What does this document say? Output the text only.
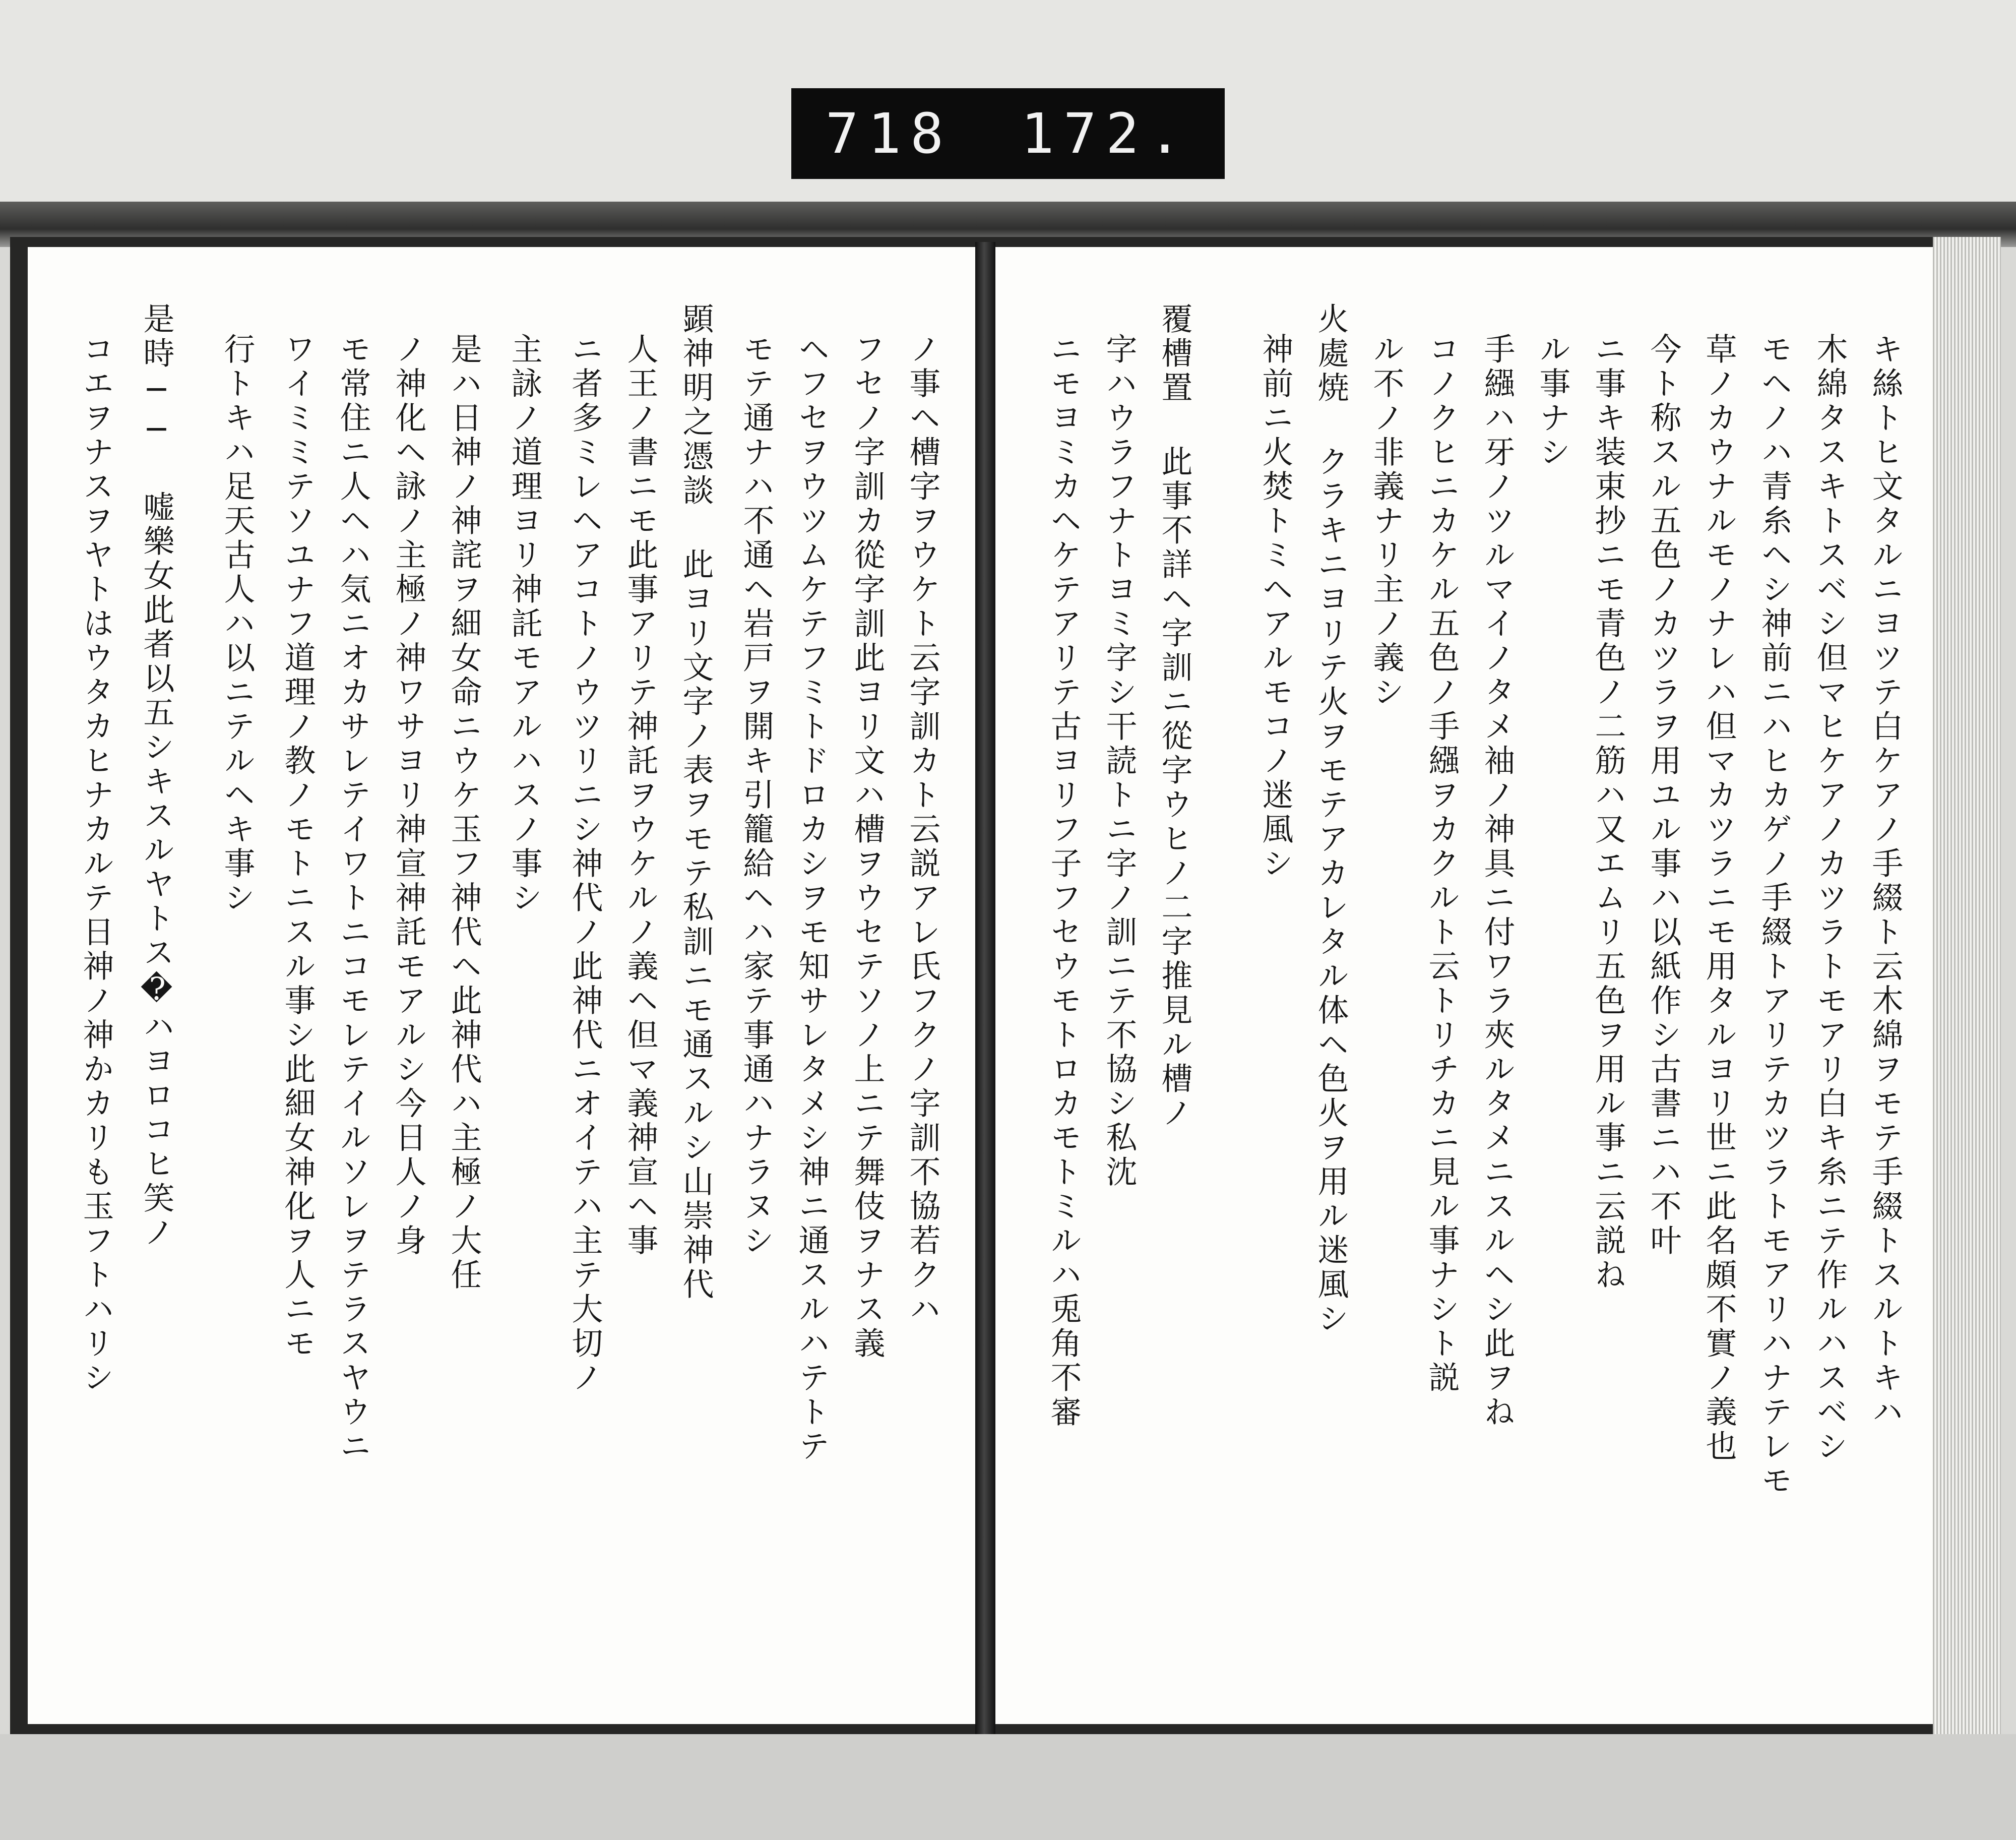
718 172.
キ絲トヒ文タルニヨツテ白ケアノ手綴ト云木綿ヲモテ手綴トスルトキハ
木綿タスキトスベシ但マヒケアノカツラトモアリ白キ糸ニテ作ルハスベシ
モヘノハ青糸ヘシ神前ニハヒカゲノ手綴トアリテカツラトモアリハナテレモ
草ノカウナルモノナレハ但マカツラニモ用タルヨリ世ニ此名頗不實ノ義也
今ト称スル五色ノカツラヲ用ユル事ハ以紙作シ古書ニハ不叶
ニ事キ装束抄ニモ青色ノ二筋ハ又エムリ五色ヲ用ル事ニ云説ね
ル事ナシ
手繦ハ牙ノツルマイノタメ袖ノ神具ニ付ワラ夾ルタメニスルヘシ此ヲね
コノクヒニカケル五色ノ手繦ヲカクルト云トリチカニ見ル事ナシト説
ル不ノ非義ナリ主ノ義シ
火處焼 クラキニヨリテ火ヲモテアカレタル体ヘ色火ヲ用ル迷風シ
神前ニ火焚トミヘアルモコノ迷風シ
覆槽置 此事不詳ヘ字訓ニ從字ウヒノ二字推見ル槽ノ
字ハウラフナトヨミ字シ干読トニ字ノ訓ニテ不協シ私沈
ニモヨミカヘケテアリテ古ヨリフ子フセウモトロカモトミルハ兎角不審
ノ事ヘ槽字ヲウケト云字訓カト云説アレ氏フクノ字訓不協若クハ
フセノ字訓カ從字訓此ヨリ文ハ槽ヲウセテソノ上ニテ舞伎ヲナス義
ヘフセヲウツムケテフミトドロカシヲモ知サレタメシ神ニ通スルハテトテ
モテ通ナハ不通ヘ岩戸ヲ開キ引籠給ヘハ家テ事通ハナラヌシ
顕神明之憑談 此ヨリ文字ノ表ヲモテ私訓ニモ通スルシ山崇神代
人王ノ書ニモ此事アリテ神託ヲウケルノ義ヘ但マ義神宣ヘ事
ニ者多ミレヘアコトノウツリニシ神代ノ此神代ニオイテハ主テ大切ノ
主詠ノ道理ヨリ神託モアルハスノ事シ
是ハ日神ノ神詫ヲ細女命ニウケ玉フ神代ヘ此神代ハ主極ノ大任
ノ神化ヘ詠ノ主極ノ神ワサヨリ神宣神託モアルシ今日人ノ身
モ常住ニ人ヘハ気ニオカサレテイワトニコモレテイルソレヲテラスヤウニ
ワイミミテソユナフ道理ノ教ノモトニスル事シ此細女神化ヲ人ニモ
行トキハ足天古人ハ以ニテルヘキ事シ
是時── 嘘樂女此者以五シキスルヤトス�ハヨロコヒ笑ノ
コエヲナスヲヤトはウタカヒナカルテ日神ノ神かカリも玉フトハリシ
